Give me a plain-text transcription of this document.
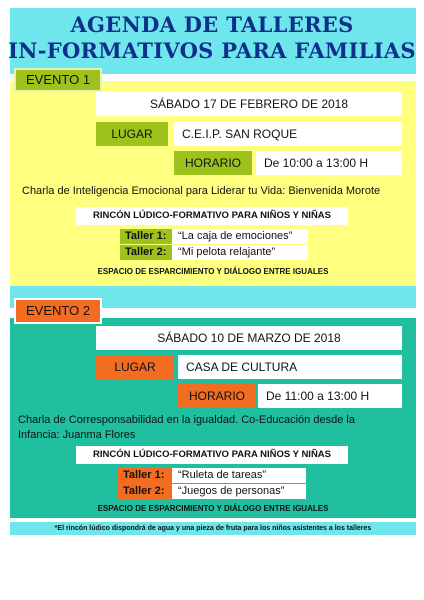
AGENDA DE TALLERES
IN-FORMATIVOS PARA FAMILIAS
EVENTO 1
SÁBADO 17 DE FEBRERO DE 2018
LUGAR	C.E.I.P. SAN ROQUE
HORARIO	De 10:00 a 13:00 H
Charla de Inteligencia Emocional para Liderar tu Vida: Bienvenida Morote
RINCÓN LÚDICO-FORMATIVO PARA NIÑOS Y NIÑAS
Taller 1:	“La caja de emociones”
Taller 2:	“Mi pelota relajante”
ESPACIO DE ESPARCIMIENTO Y DIÁLOGO ENTRE IGUALES
EVENTO 2
SÁBADO 10 DE MARZO DE 2018
LUGAR	CASA DE CULTURA
HORARIO	De 11:00 a 13:00 H
Charla de Corresponsabilidad en la igualdad. Co-Educación desde la
Infancia: Juanma Flores
RINCÓN LÚDICO-FORMATIVO PARA NIÑOS Y NIÑAS
Taller 1:	“Ruleta de tareas”
Taller 2:	“Juegos de personas”
ESPACIO DE ESPARCIMIENTO Y DIÁLOGO ENTRE IGUALES
*El rincón lúdico dispondrá de agua y una pieza de fruta para los niños asistentes a los talleres
